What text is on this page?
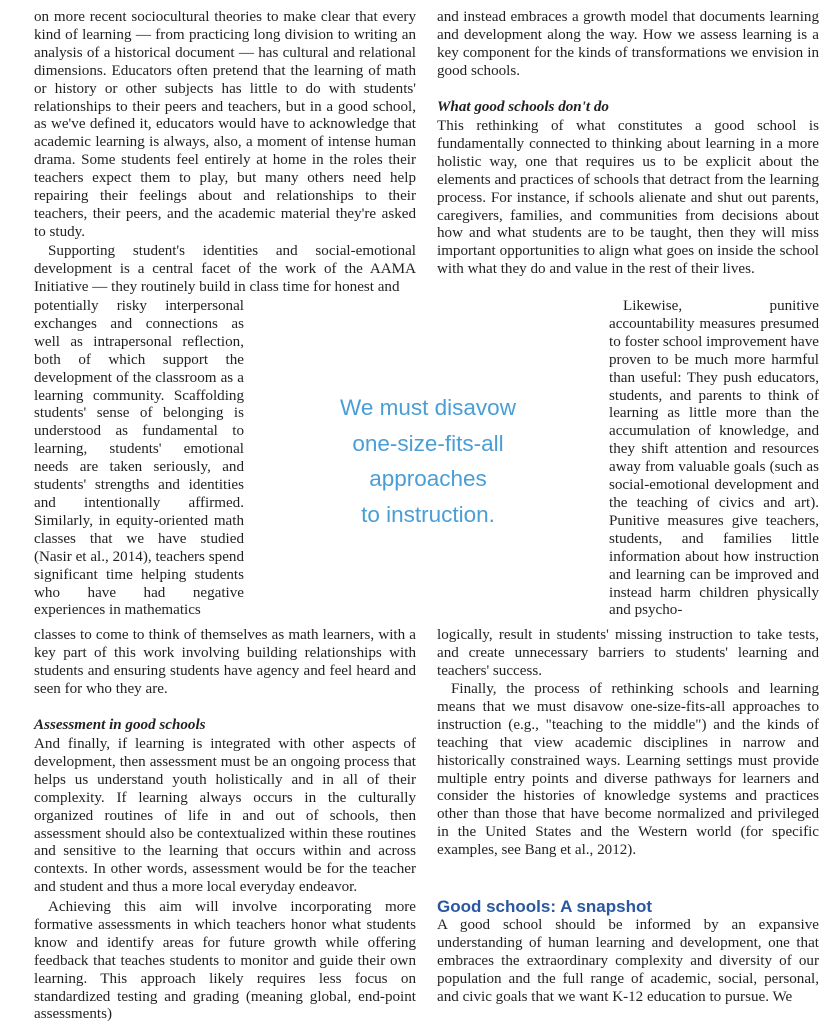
on more recent sociocultural theories to make clear that every kind of learning — from practicing long division to writing an analysis of a historical document — has cultural and relational dimensions. Educators often pretend that the learning of math or history or other subjects has little to do with students' relationships to their peers and teachers, but in a good school, as we've defined it, educators would have to acknowledge that academic learning is always, also, a moment of intense human drama. Some students feel entirely at home in the roles their teachers expect them to play, but many others need help repairing their feelings about and relationships to their teachers, their peers, and the academic material they're asked to study.

Supporting student's identities and social-emotional development is a central facet of the work of the AAMA Initiative — they routinely build in class time for honest and

potentially risky interpersonal exchanges and connections as well as intrapersonal reflection, both of which support the development of the classroom as a learning community. Scaffolding students' sense of belonging is understood as fundamental to learning, students' emotional needs are taken seriously, and students' strengths and identities and intentionally affirmed. Similarly, in equity-oriented math classes that we have studied (Nasir et al., 2014), teachers spend significant time helping students who have had negative experiences in mathematics

classes to come to think of themselves as math learners, with a key part of this work involving building relationships with students and ensuring students have agency and feel heard and seen for who they are.

Assessment in good schools

And finally, if learning is integrated with other aspects of development, then assessment must be an ongoing process that helps us understand youth holistically and in all of their complexity. If learning always occurs in the culturally organized routines of life in and out of schools, then assessment should also be contextualized within these routines and sensitive to the learning that occurs within and across contexts. In other words, assessment would be for the teacher and student and thus a more local everyday endeavor.

Achieving this aim will involve incorporating more formative assessments in which teachers honor what students know and identify areas for future growth while offering feedback that teaches students to monitor and guide their own learning. This approach likely requires less focus on standardized testing and grading (meaning global, end-point assessments)

We must disavow
one-size-fits-all
approaches
to instruction.

and instead embraces a growth model that documents learning and development along the way. How we assess learning is a key component for the kinds of transformations we envision in good schools.

What good schools don't do

This rethinking of what constitutes a good school is fundamentally connected to thinking about learning in a more holistic way, one that requires us to be explicit about the elements and practices of schools that detract from the learning process. For instance, if schools alienate and shut out parents, caregivers, families, and communities from decisions about how and what students are to be taught, then they will miss important opportunities to align what goes on inside the school with what they do and value in the rest of their lives.

Likewise, punitive accountability measures presumed to foster school improvement have proven to be much more harmful than useful: They push educators, students, and parents to think of learning as little more than the accumulation of knowledge, and they shift attention and resources away from valuable goals (such as social-emotional development and the teaching of civics and art). Punitive measures give teachers, students, and families little information about how instruction and learning can be improved and instead harm children physically and psycho-

logically, result in students' missing instruction to take tests, and create unnecessary barriers to students' learning and teachers' success.

Finally, the process of rethinking schools and learning means that we must disavow one-size-fits-all approaches to instruction (e.g., "teaching to the middle") and the kinds of teaching that view academic disciplines in narrow and historically constrained ways. Learning settings must provide multiple entry points and diverse pathways for learners and consider the histories of knowledge systems and practices other than those that have become normalized and privileged in the United States and the Western world (for specific examples, see Bang et al., 2012).

Good schools: A snapshot

A good school should be informed by an expansive understanding of human learning and development, one that embraces the extraordinary complexity and diversity of our population and the full range of academic, social, personal, and civic goals that we want K-12 education to pursue. We
